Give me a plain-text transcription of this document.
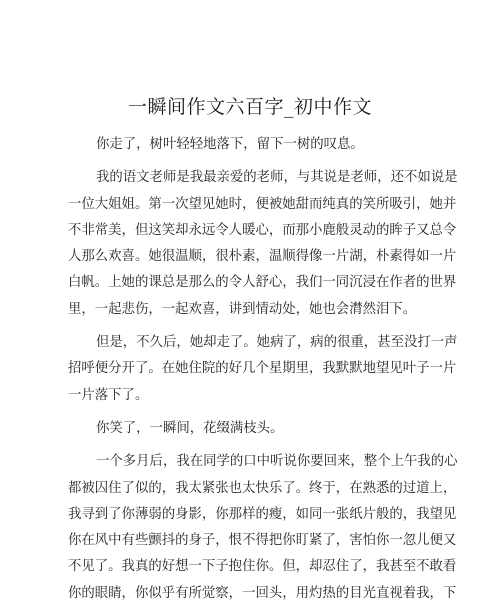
一瞬间作文六百字_初中作文
你走了，树叶轻轻地落下，留下一树的叹息。
我的语文老师是我最亲爱的老师，与其说是老师，还不如说是
一位大姐姐。第一次望见她时，便被她甜而纯真的笑所吸引，她并
不非常美，但这笑却永远令人暖心，而那小鹿般灵动的眸子又总令
人那么欢喜。她很温顺，很朴素，温顺得像一片湖，朴素得如一片
白帆。上她的课总是那么的令人舒心，我们一同沉浸在作者的世界
里，一起悲伤，一起欢喜，讲到情动处，她也会潸然泪下。
但是，不久后，她却走了。她病了，病的很重，甚至没打一声
招呼便分开了。在她住院的好几个星期里，我默默地望见叶子一片
一片落下了。
你笑了，一瞬间，花缀满枝头。
一个多月后，我在同学的口中听说你要回来，整个上午我的心
都被囚住了似的，我太紧张也太快乐了。终于，在熟悉的过道上，
我寻到了你薄弱的身影，你那样的瘦，如同一张纸片般的，我望见
你在风中有些颤抖的身子，恨不得把你盯紧了，害怕你一忽儿便又
不见了。我真的好想一下子抱住你。但，却忍住了，我甚至不敢看
你的眼睛，你似乎有所觉察，一回头，用灼热的目光直视着我，下
